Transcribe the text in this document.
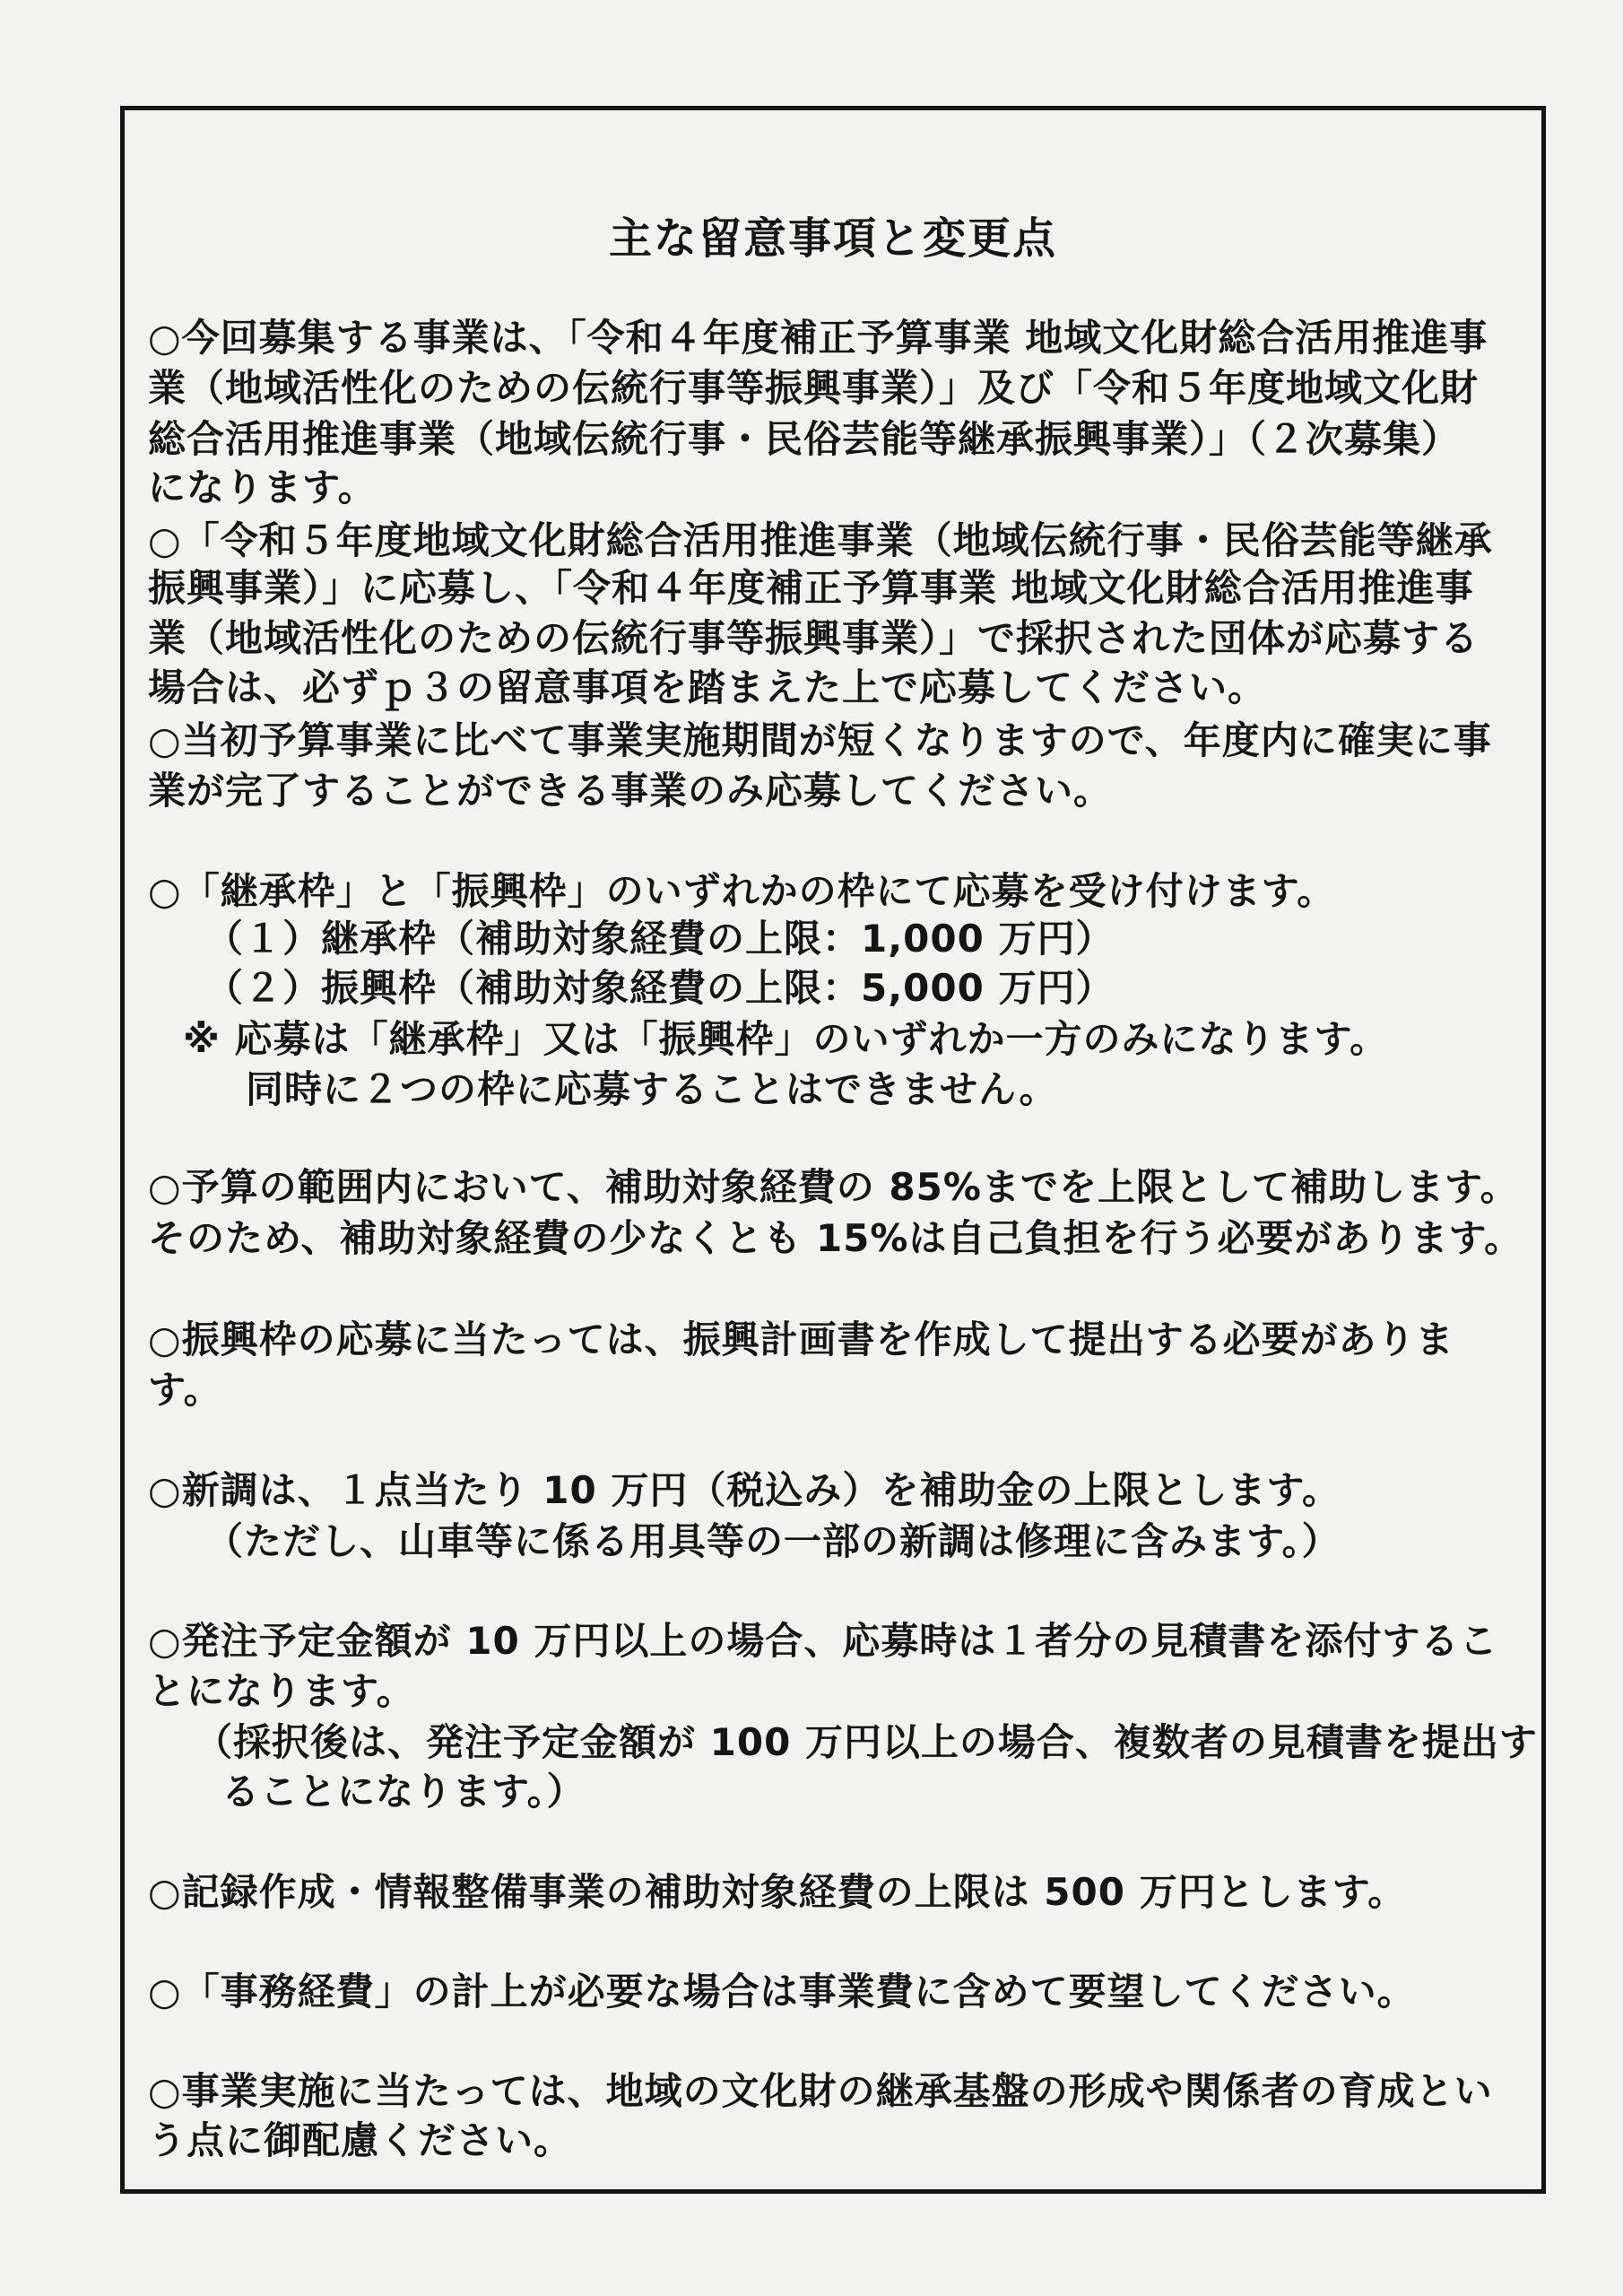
主な留意事項と変更点
○今回募集する事業は、「令和４年度補正予算事業 地域文化財総合活用推進事
業（地域活性化のための伝統行事等振興事業）」及び「令和５年度地域文化財
総合活用推進事業（地域伝統行事・民俗芸能等継承振興事業）」（２次募集）
になります。
○「令和５年度地域文化財総合活用推進事業（地域伝統行事・民俗芸能等継承
振興事業）」に応募し、「令和４年度補正予算事業 地域文化財総合活用推進事
業（地域活性化のための伝統行事等振興事業）」で採択された団体が応募する
場合は、必ずｐ３の留意事項を踏まえた上で応募してください。
○当初予算事業に比べて事業実施期間が短くなりますので、年度内に確実に事
業が完了することができる事業のみ応募してください。
○「継承枠」と「振興枠」のいずれかの枠にて応募を受け付けます。
（１）継承枠（補助対象経費の上限：1,000 万円）
（２）振興枠（補助対象経費の上限：5,000 万円）
※ 応募は「継承枠」又は「振興枠」のいずれか一方のみになります。
同時に２つの枠に応募することはできません。
○予算の範囲内において、補助対象経費の 85%までを上限として補助します。
そのため、補助対象経費の少なくとも 15%は自己負担を行う必要があります。
○振興枠の応募に当たっては、振興計画書を作成して提出する必要がありま
す。
○新調は、１点当たり 10 万円（税込み）を補助金の上限とします。
（ただし、山車等に係る用具等の一部の新調は修理に含みます。）
○発注予定金額が 10 万円以上の場合、応募時は１者分の見積書を添付するこ
とになります。
（採択後は、発注予定金額が 100 万円以上の場合、複数者の見積書を提出す
ることになります。）
○記録作成・情報整備事業の補助対象経費の上限は 500 万円とします。
○「事務経費」の計上が必要な場合は事業費に含めて要望してください。
○事業実施に当たっては、地域の文化財の継承基盤の形成や関係者の育成とい
う点に御配慮ください。
